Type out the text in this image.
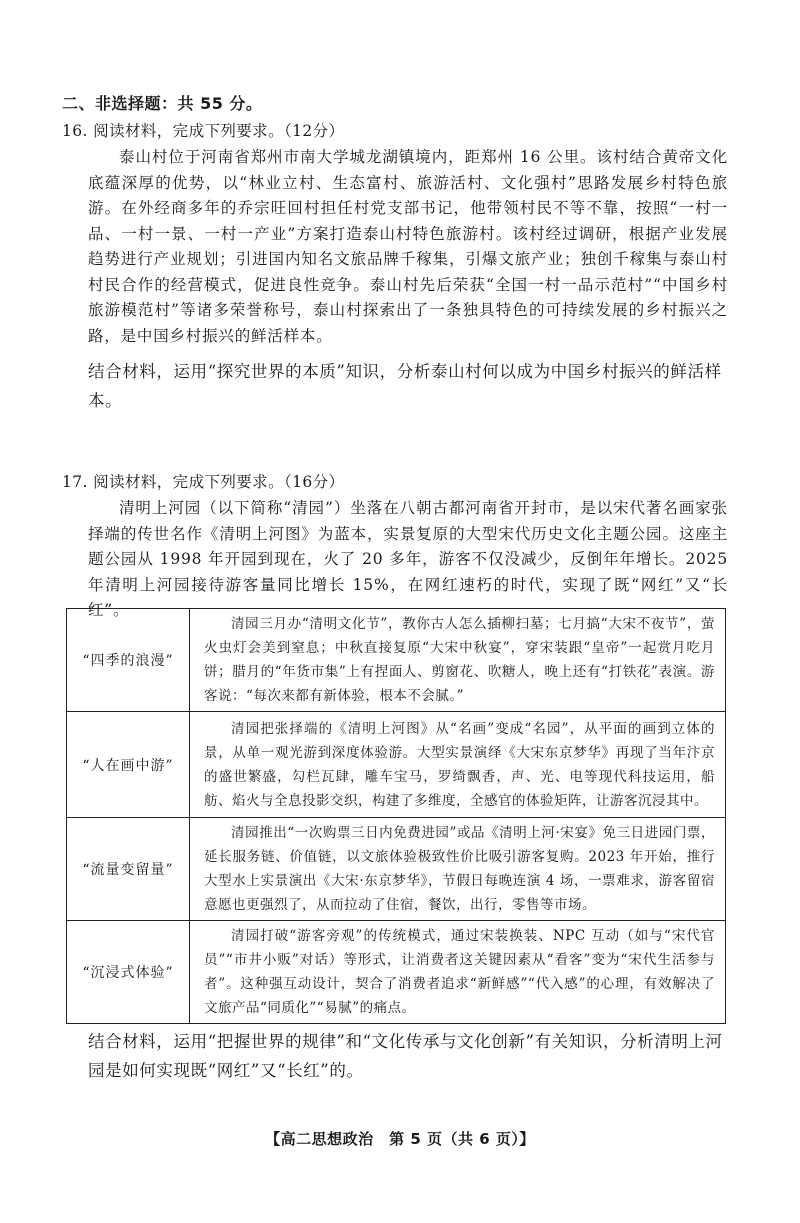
二、非选择题：共 55 分。
16. 阅读材料，完成下列要求。（12分）
泰山村位于河南省郑州市南大学城龙湖镇境内，距郑州 16 公里。该村结合黄帝文化底蕴深厚的优势，以“林业立村、生态富村、旅游活村、文化强村”思路发展乡村特色旅游。在外经商多年的乔宗旺回村担任村党支部书记，他带领村民不等不靠，按照“一村一品、一村一景、一村一产业”方案打造泰山村特色旅游村。该村经过调研，根据产业发展趋势进行产业规划；引进国内知名文旅品牌千稼集，引爆文旅产业；独创千稼集与泰山村村民合作的经营模式，促进良性竞争。泰山村先后荣获“全国一村一品示范村”“中国乡村旅游模范村”等诸多荣誉称号，泰山村探索出了一条独具特色的可持续发展的乡村振兴之路，是中国乡村振兴的鲜活样本。
结合材料，运用“探究世界的本质”知识，分析泰山村何以成为中国乡村振兴的鲜活样本。
17. 阅读材料，完成下列要求。（16分）
清明上河园（以下简称“清园”）坐落在八朝古都河南省开封市，是以宋代著名画家张择端的传世名作《清明上河图》为蓝本，实景复原的大型宋代历史文化主题公园。这座主题公园从 1998 年开园到现在，火了 20 多年，游客不仅没减少，反倒年年增长。2025 年清明上河园接待游客量同比增长 15%，在网红速朽的时代，实现了既“网红”又“长红”。
“四季的浪漫”	清园三月办“清明文化节”，教你古人怎么插柳扫墓；七月搞“大宋不夜节”，萤火虫灯会美到窒息；中秋直接复原“大宋中秋宴”，穿宋装跟“皇帝”一起赏月吃月饼；腊月的“年货市集”上有捏面人、剪窗花、吹糖人，晚上还有“打铁花”表演。游客说：“每次来都有新体验，根本不会腻。”
“人在画中游”	清园把张择端的《清明上河图》从“名画”变成“名园”，从平面的画到立体的景，从单一观光游到深度体验游。大型实景演绎《大宋东京梦华》再现了当年汴京的盛世繁盛，勾栏瓦肆，雕车宝马，罗绮飘香，声、光、电等现代科技运用，船舫、焰火与全息投影交织，构建了多维度，全感官的体验矩阵，让游客沉浸其中。
“流量变留量”	清园推出“一次购票三日内免费进园”或品《清明上河·宋宴》免三日进园门票，延长服务链、价值链，以文旅体验极致性价比吸引游客复购。2023 年开始，推行大型水上实景演出《大宋·东京梦华》，节假日每晚连演 4 场，一票难求，游客留宿意愿也更强烈了，从而拉动了住宿，餐饮，出行，零售等市场。
“沉浸式体验”	清园打破“游客旁观”的传统模式，通过宋装换装、NPC 互动（如与“宋代官员”“市井小贩”对话）等形式，让消费者这关键因素从“看客”变为“宋代生活参与者”。这种强互动设计，契合了消费者追求“新鲜感”“代入感”的心理，有效解决了文旅产品“同质化”“易腻”的痛点。
结合材料，运用“把握世界的规律”和“文化传承与文化创新”有关知识，分析清明上河园是如何实现既“网红”又“长红”的。
【高二思想政治　第 5 页（共 6 页）】
